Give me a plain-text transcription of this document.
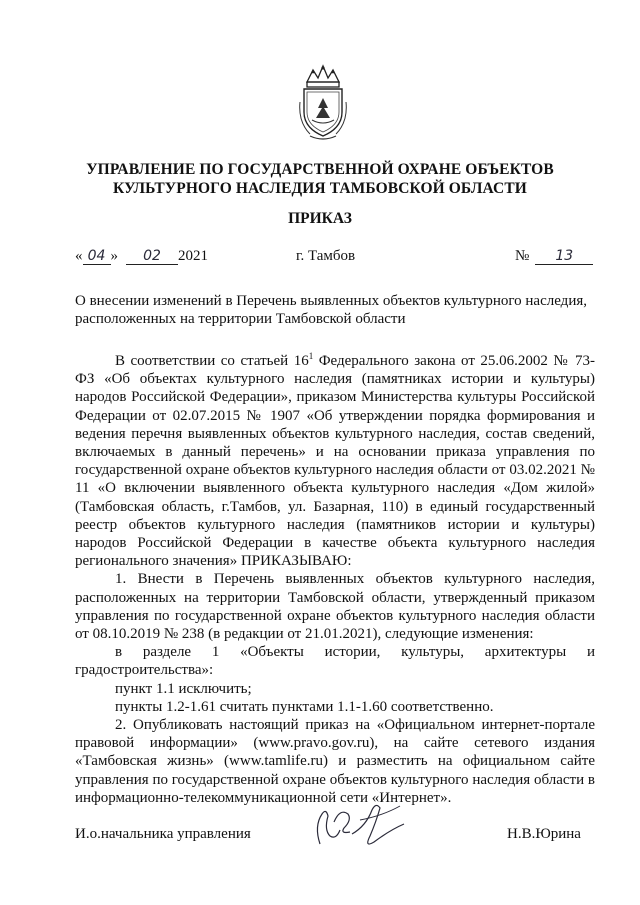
УПРАВЛЕНИЕ ПО ГОСУДАРСТВЕННОЙ ОХРАНЕ ОБЪЕКТОВ
КУЛЬТУРНОГО НАСЛЕДИЯ ТАМБОВСКОЙ ОБЛАСТИ
ПРИКАЗ
« 04 » 02 2021	г. Тамбов	№ 13
О внесении изменений в Перечень выявленных объектов культурного наследия,
расположенных на территории Тамбовской области

В соответствии со статьей $16^1$ Федерального закона от 25.06.2002 № 73-ФЗ «Об объектах культурного наследия (памятниках истории и культуры) народов Российской Федерации», приказом Министерства культуры Российской Федерации от 02.07.2015 № 1907 «Об утверждении порядка формирования и ведения перечня выявленных объектов культурного наследия, состав сведений, включаемых в данный перечень» и на основании приказа управления по государственной охране объектов культурного наследия области от 03.02.2021 № 11 «О включении выявленного объекта культурного наследия «Дом жилой» (Тамбовская область, г.Тамбов, ул. Базарная, 110) в единый государственный реестр объектов культурного наследия (памятников истории и культуры) народов Российской Федерации в качестве объекта культурного наследия регионального значения» ПРИКАЗЫВАЮ:

1. Внести в Перечень выявленных объектов культурного наследия, расположенных на территории Тамбовской области, утвержденный приказом управления по государственной охране объектов культурного наследия области от 08.10.2019 № 238 (в редакции от 21.01.2021), следующие изменения:

в разделе 1 «Объекты истории, культуры, архитектуры и градостроительства»:

пункт 1.1 исключить;

пункты 1.2-1.61 считать пунктами 1.1-1.60 соответственно.

2. Опубликовать настоящий приказ на «Официальном интернет-портале правовой информации» (www.pravo.gov.ru), на сайте сетевого издания «Тамбовская жизнь» (www.tamlife.ru) и разместить на официальном сайте управления по государственной охране объектов культурного наследия области в информационно-телекоммуникационной сети «Интернет».

И.о.начальника управления	Н.В.Юрина
